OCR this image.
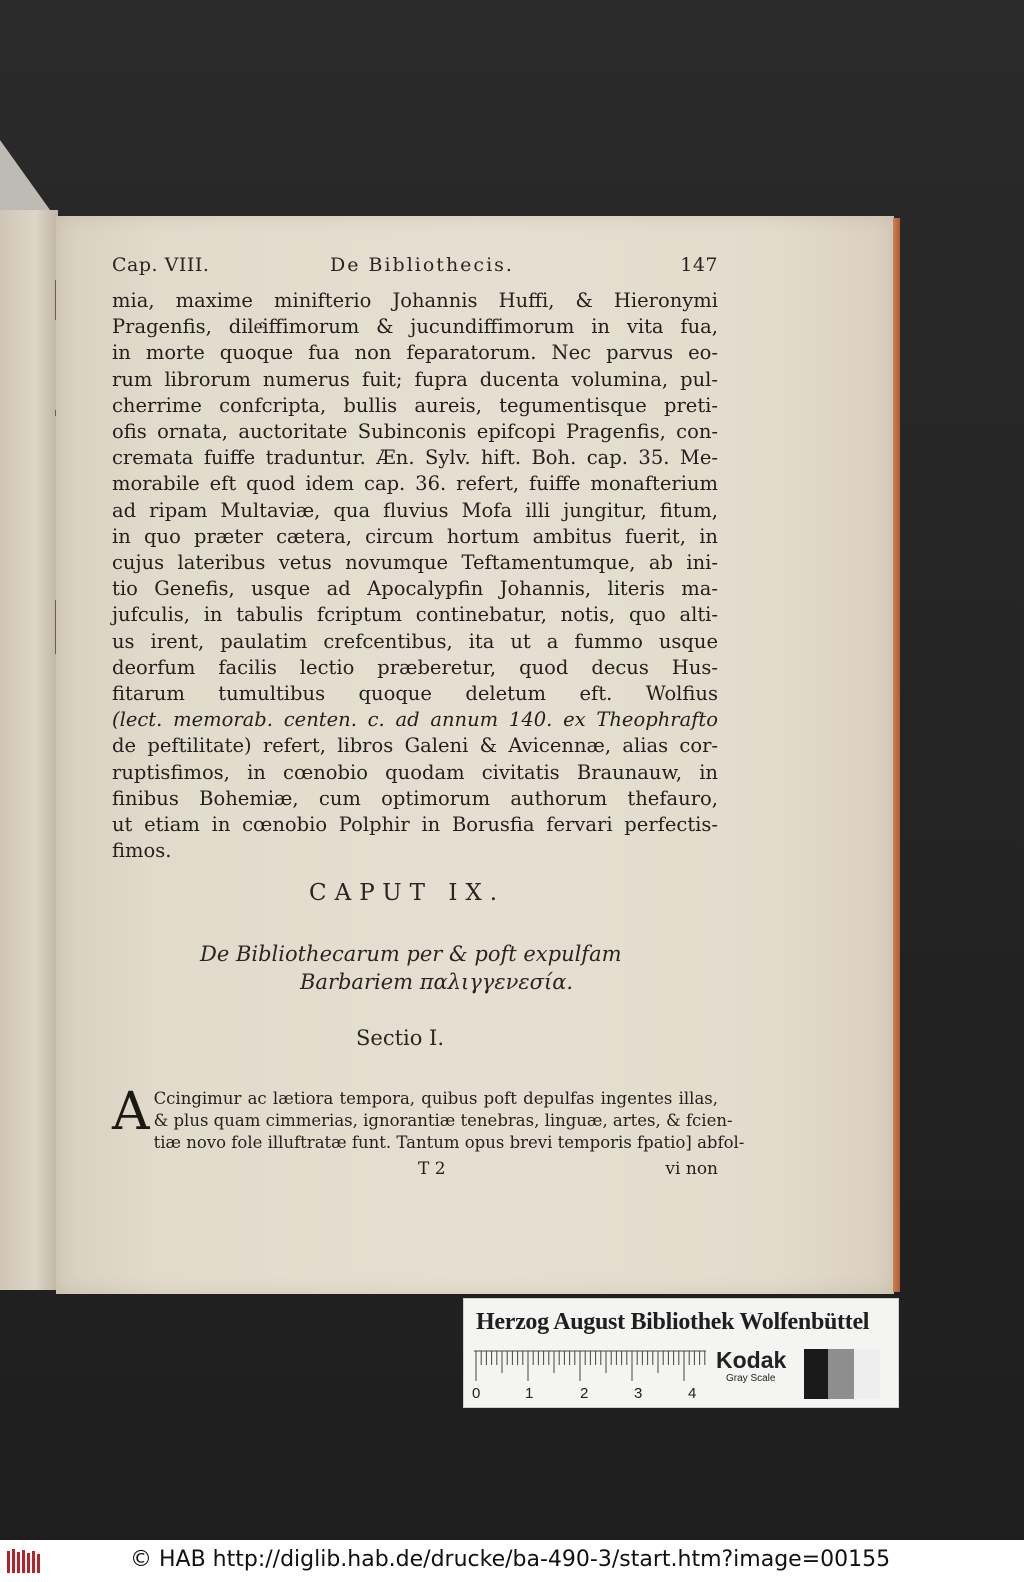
Cap. VIII.	De Bibliothecis.	147
mia, maxime minifterio Johannis Huffi, & Hieronymi
Pragenfis, dileͨiffimorum & jucundiffimorum in vita fua,
in morte quoque fua non feparatorum. Nec parvus eo-
rum librorum numerus fuit; fupra ducenta volumina, pul-
cherrime confcripta, bullis aureis, tegumentisque preti-
ofis ornata, auctoritate Subinconis epifcopi Pragenfis, con-
cremata fuiffe traduntur. Æn. Sylv. hift. Boh. cap. 35. Me-
morabile eft quod idem cap. 36. refert, fuiffe monafterium
ad ripam Multaviæ, qua fluvius Mofa illi jungitur, fitum,
in quo præter cætera, circum hortum ambitus fuerit, in
cujus lateribus vetus novumque Teftamentumque, ab ini-
tio Genefis, usque ad Apocalypfin Johannis, literis ma-
jufculis, in tabulis fcriptum continebatur, notis, quo alti-
us irent, paulatim crefcentibus, ita ut a fummo usque
deorfum facilis lectio præberetur, quod decus Hus-
fitarum tumultibus quoque deletum eft. Wolfius
(lect. memorab. centen. c. ad annum 140. ex Theophrafto
de peftilitate) refert, libros Galeni & Avicennæ, alias cor-
ruptisfimos, in cœnobio quodam civitatis Braunauw, in
finibus Bohemiæ, cum optimorum authorum thefauro,
ut etiam in cœnobio Polphir in Borusfia fervari perfectis-
fimos.
CAPUT IX.
De Bibliothecarum per & poft expulfam
Barbariem παλιγγενεσία.
Sectio I.
A Ccingimur ac lætiora tempora, quibus poft depulfas ingentes illas,
& plus quam cimmerias, ignorantiæ tenebras, linguæ, artes, & fcien-
tiæ novo fole illuftratæ funt. Tantum opus brevi temporis fpatio] abfol-
T 2	vi non
Herzog August Bibliothek Wolfenbüttel
0	1	2	3	4
Kodak
Gray Scale
© HAB http://diglib.hab.de/drucke/ba-490-3/start.htm?image=00155
